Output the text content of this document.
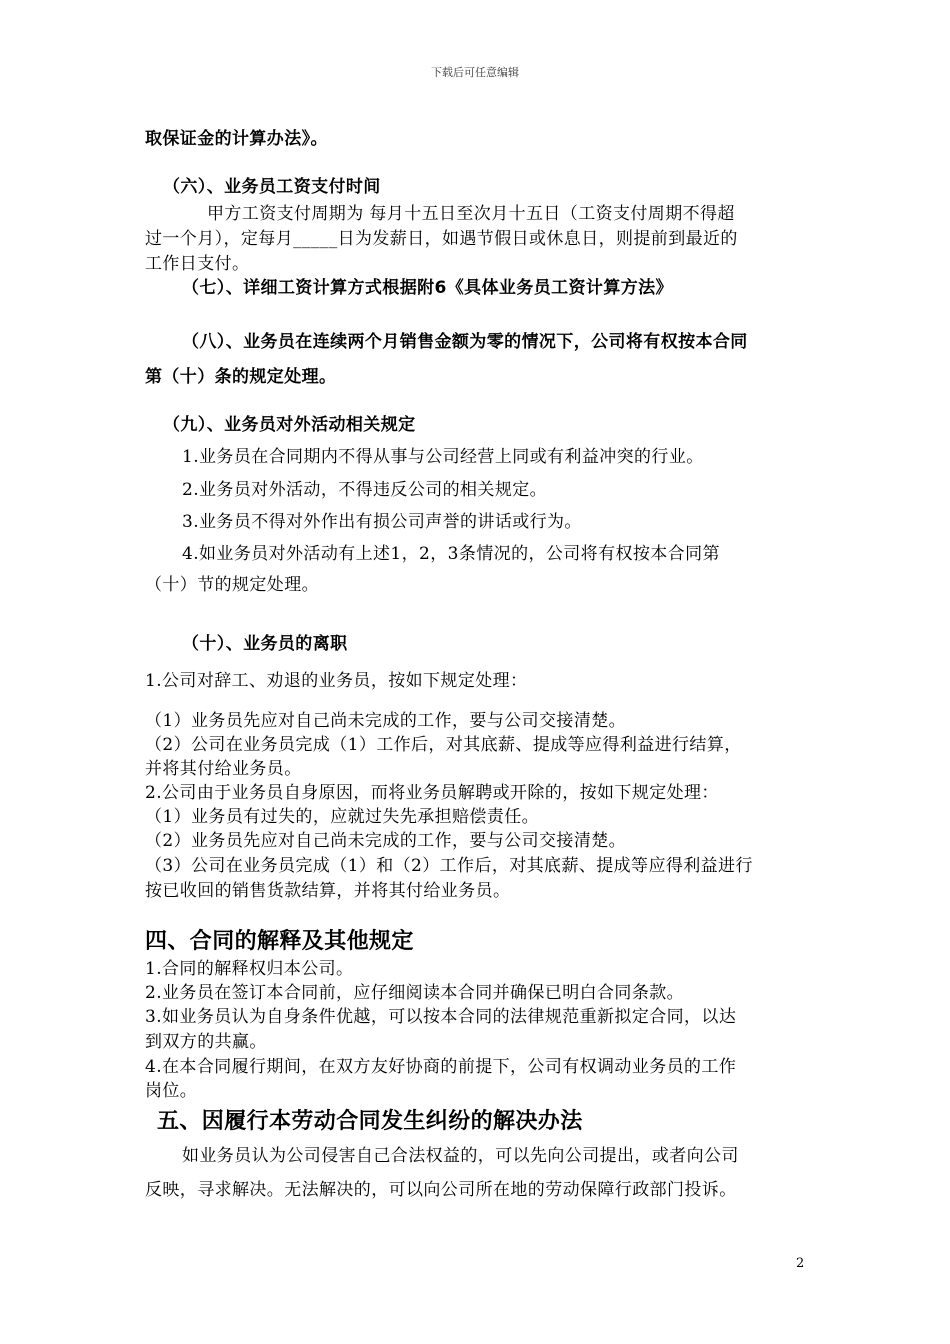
下载后可任意编辑
取保证金的计算办法》。
（六）、业务员工资支付时间
甲方工资支付周期为 每月十五日至次月十五日（工资支付周期不得超
过一个月），定每月_____日为发薪日，如遇节假日或休息日，则提前到最近的
工作日支付。
（七）、详细工资计算方式根据附6《具体业务员工资计算方法》
（八）、业务员在连续两个月销售金额为零的情况下，公司将有权按本合同
第（十）条的规定处理。
（九）、业务员对外活动相关规定
1.业务员在合同期内不得从事与公司经营上同或有利益冲突的行业。
2.业务员对外活动，不得违反公司的相关规定。
3.业务员不得对外作出有损公司声誉的讲话或行为。
4.如业务员对外活动有上述1，2，3条情况的，公司将有权按本合同第
（十）节的规定处理。
（十）、业务员的离职
1.公司对辞工、劝退的业务员，按如下规定处理：
（1）业务员先应对自己尚未完成的工作，要与公司交接清楚。
（2）公司在业务员完成（1）工作后，对其底薪、提成等应得利益进行结算，
并将其付给业务员。
2.公司由于业务员自身原因，而将业务员解聘或开除的，按如下规定处理：
（1）业务员有过失的，应就过失先承担赔偿责任。
（2）业务员先应对自己尚未完成的工作，要与公司交接清楚。
（3）公司在业务员完成（1）和（2）工作后，对其底薪、提成等应得利益进行
按已收回的销售货款结算，并将其付给业务员。
四、合同的解释及其他规定
1.合同的解释权归本公司。
2.业务员在签订本合同前，应仔细阅读本合同并确保已明白合同条款。
3.如业务员认为自身条件优越，可以按本合同的法律规范重新拟定合同，以达
到双方的共赢。
4.在本合同履行期间，在双方友好协商的前提下，公司有权调动业务员的工作
岗位。
五、因履行本劳动合同发生纠纷的解决办法
如业务员认为公司侵害自己合法权益的，可以先向公司提出，或者向公司
反映，寻求解决。无法解决的，可以向公司所在地的劳动保障行政部门投诉。
2
